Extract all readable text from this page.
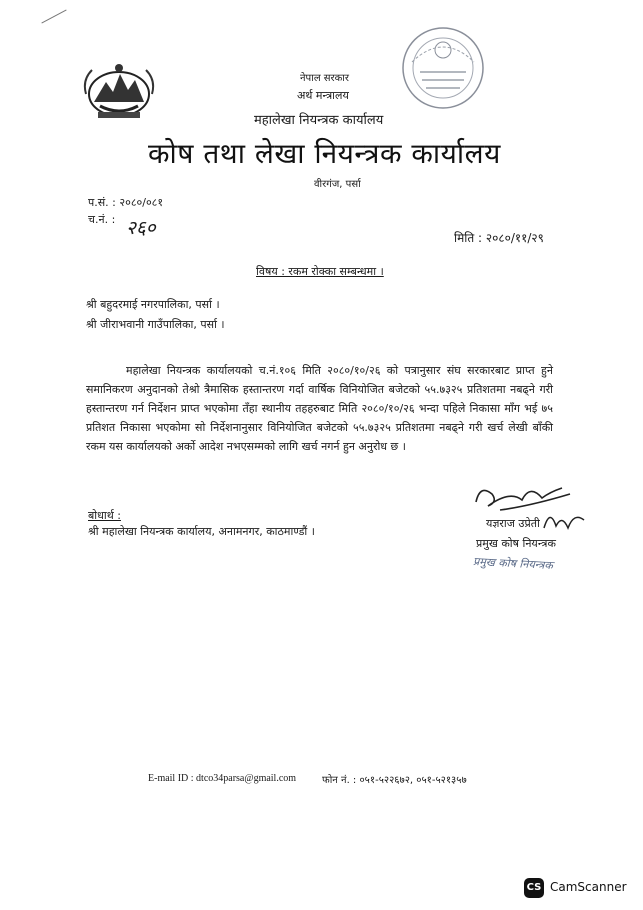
नेपाल सरकार
अर्थ मन्त्रालय
महालेखा नियन्त्रक कार्यालय
कोष तथा लेखा नियन्त्रक कार्यालय
वीरगंज, पर्सा
प.सं. : २०८०/०८१
च.नं. : २६०	मिति : २०८०/११/२९
विषय : रकम रोक्का सम्बन्धमा ।
श्री बहुदरमाई नगरपालिका, पर्सा ।
श्री जीराभवानी गाउँपालिका, पर्सा ।

महालेखा नियन्त्रक कार्यालयको च.नं.१०६ मिति २०८०/१०/२६ को पत्रानुसार संघ सरकारबाट प्राप्त हुने समानिकरण अनुदानको तेश्रो त्रैमासिक हस्तान्तरण गर्दा वार्षिक विनियोजित बजेटको ५५.७३२५ प्रतिशतमा नबढ्ने गरी हस्तान्तरण गर्न निर्देशन प्राप्त भएकोमा तँहा स्थानीय तहहरुबाट मिति २०८०/१०/२६ भन्दा पहिले निकासा माँग भई ७५ प्रतिशत निकासा भएकोमा सो निर्देशनानुसार विनियोजित बजेटको ५५.७३२५ प्रतिशतमा नबढ्ने गरी खर्च लेखी बाँकी रकम यस कार्यालयको अर्को आदेश नभएसम्मको लागि खर्च नगर्न हुन अनुरोध छ ।

बोधार्थ :
श्री महालेखा नियन्त्रक कार्यालय, अनामनगर, काठमाण्डौं ।
यज्ञराज उप्रेती
प्रमुख कोष नियन्त्रक
प्रमुख कोष नियन्त्रक
E-mail ID : dtco34parsa@gmail.com	फोन नं. : ०५१-५२२६७२, ०५१-५२१३५७
CS CamScanner
